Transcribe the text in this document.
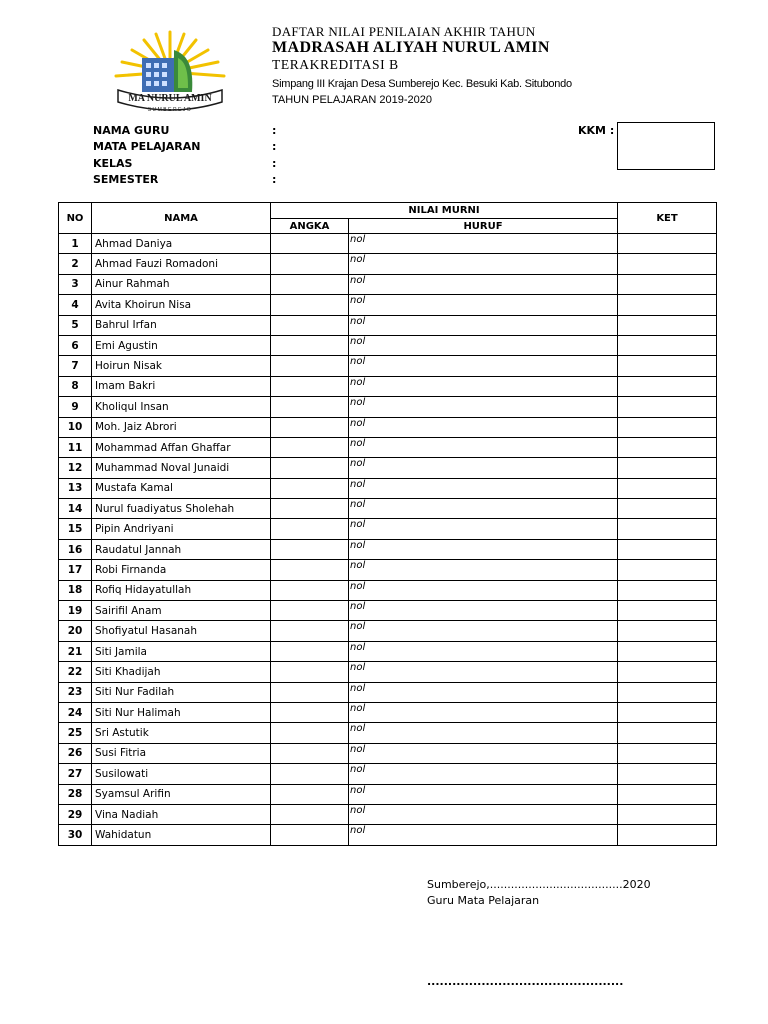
MA NURUL AMIN
SUMBEREJO
DAFTAR NILAI PENILAIAN AKHIR TAHUN
MADRASAH ALIYAH NURUL AMIN
TERAKREDITASI B
Simpang III Krajan Desa Sumberejo Kec. Besuki Kab. Situbondo
TAHUN PELAJARAN 2019-2020
NAMA GURU
MATA PELAJARAN
KELAS
SEMESTER
:
:
:
:
KKM :
NO	NAMA	NILAI MURNI		KET
		ANGKA	HURUF	
1	Ahmad Daniya		nol	
2	Ahmad Fauzi Romadoni		nol	
3	Ainur Rahmah		nol	
4	Avita Khoirun Nisa		nol	
5	Bahrul Irfan		nol	
6	Emi Agustin		nol	
7	Hoirun Nisak		nol	
8	Imam Bakri		nol	
9	Kholiqul Insan		nol	
10	Moh. Jaiz Abrori		nol	
11	Mohammad Affan Ghaffar		nol	
12	Muhammad Noval Junaidi		nol	
13	Mustafa Kamal		nol	
14	Nurul fuadiyatus Sholehah		nol	
15	Pipin Andriyani		nol	
16	Raudatul Jannah		nol	
17	Robi Firnanda		nol	
18	Rofiq Hidayatullah		nol	
19	Sairifil Anam		nol	
20	Shofiyatul Hasanah		nol	
21	Siti Jamila		nol	
22	Siti Khadijah		nol	
23	Siti Nur Fadilah		nol	
24	Siti Nur Halimah		nol	
25	Sri Astutik		nol	
26	Susi Fitria		nol	
27	Susilowati		nol	
28	Syamsul Arifin		nol	
29	Vina Nadiah		nol	
30	Wahidatun		nol	
Sumberejo,......................................2020
Guru Mata Pelajaran
...............................................
